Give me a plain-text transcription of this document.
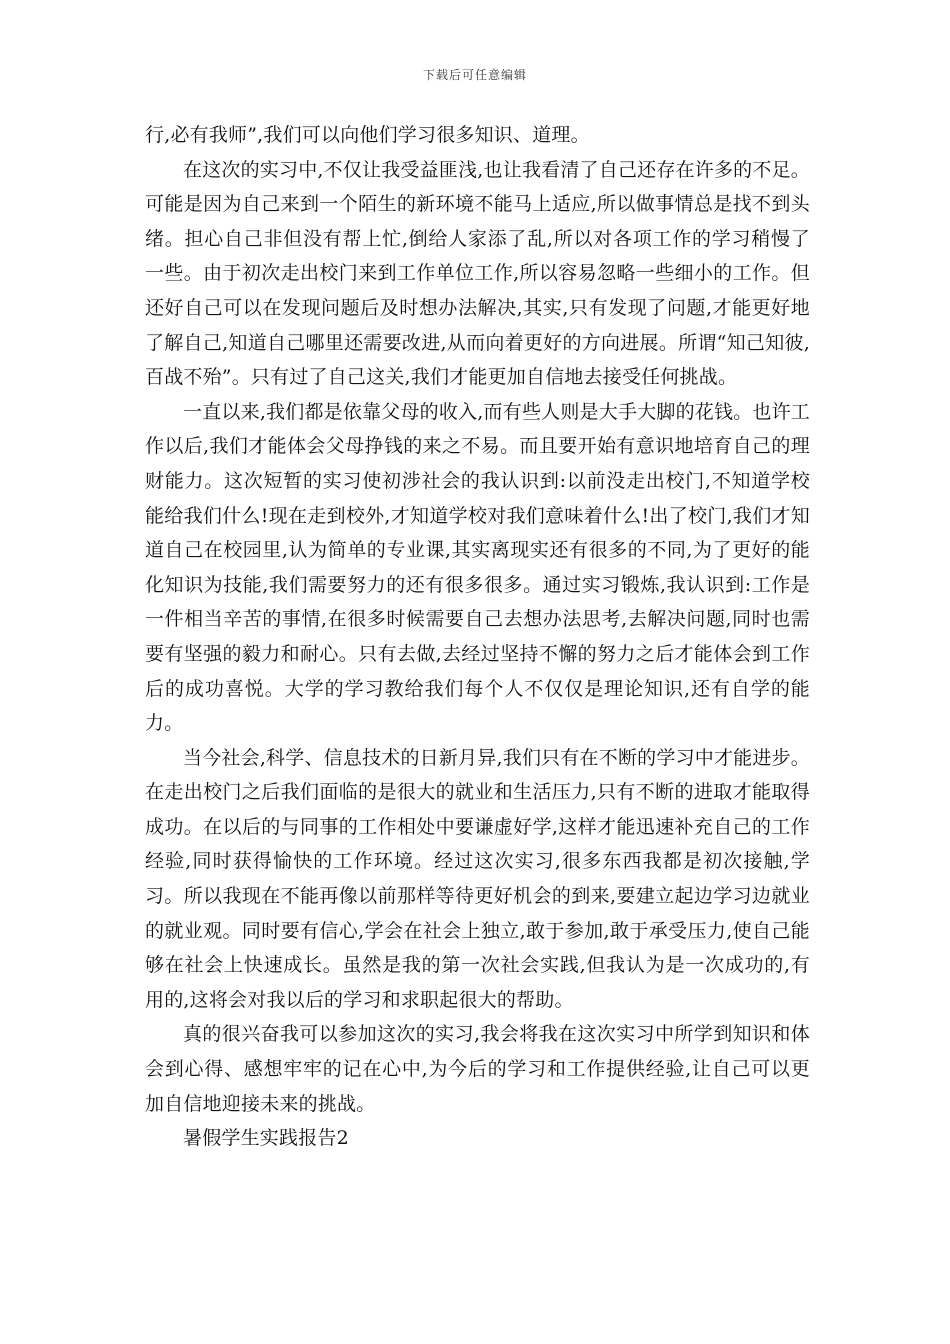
下载后可任意编辑

行,必有我师”,我们可以向他们学习很多知识、道理。

在这次的实习中,不仅让我受益匪浅,也让我看清了自己还存在许多的不足。可能是因为自己来到一个陌生的新环境不能马上适应,所以做事情总是找不到头绪。担心自己非但没有帮上忙,倒给人家添了乱,所以对各项工作的学习稍慢了一些。由于初次走出校门来到工作单位工作,所以容易忽略一些细小的工作。但还好自己可以在发现问题后及时想办法解决,其实,只有发现了问题,才能更好地了解自己,知道自己哪里还需要改进,从而向着更好的方向进展。所谓“知己知彼,百战不殆”。只有过了自己这关,我们才能更加自信地去接受任何挑战。

一直以来,我们都是依靠父母的收入,而有些人则是大手大脚的花钱。也许工作以后,我们才能体会父母挣钱的来之不易。而且要开始有意识地培育自己的理财能力。这次短暂的实习使初涉社会的我认识到:以前没走出校门,不知道学校能给我们什么!现在走到校外,才知道学校对我们意味着什么!出了校门,我们才知道自己在校园里,认为简单的专业课,其实离现实还有很多的不同,为了更好的能化知识为技能,我们需要努力的还有很多很多。通过实习锻炼,我认识到:工作是一件相当辛苦的事情,在很多时候需要自己去想办法思考,去解决问题,同时也需要有坚强的毅力和耐心。只有去做,去经过坚持不懈的努力之后才能体会到工作后的成功喜悦。大学的学习教给我们每个人不仅仅是理论知识,还有自学的能力。

当今社会,科学、信息技术的日新月异,我们只有在不断的学习中才能进步。在走出校门之后我们面临的是很大的就业和生活压力,只有不断的进取才能取得成功。在以后的与同事的工作相处中要谦虚好学,这样才能迅速补充自己的工作经验,同时获得愉快的工作环境。经过这次实习,很多东西我都是初次接触,学习。所以我现在不能再像以前那样等待更好机会的到来,要建立起边学习边就业的就业观。同时要有信心,学会在社会上独立,敢于参加,敢于承受压力,使自己能够在社会上快速成长。虽然是我的第一次社会实践,但我认为是一次成功的,有用的,这将会对我以后的学习和求职起很大的帮助。

真的很兴奋我可以参加这次的实习,我会将我在这次实习中所学到知识和体会到心得、感想牢牢的记在心中,为今后的学习和工作提供经验,让自己可以更加自信地迎接未来的挑战。

暑假学生实践报告2
